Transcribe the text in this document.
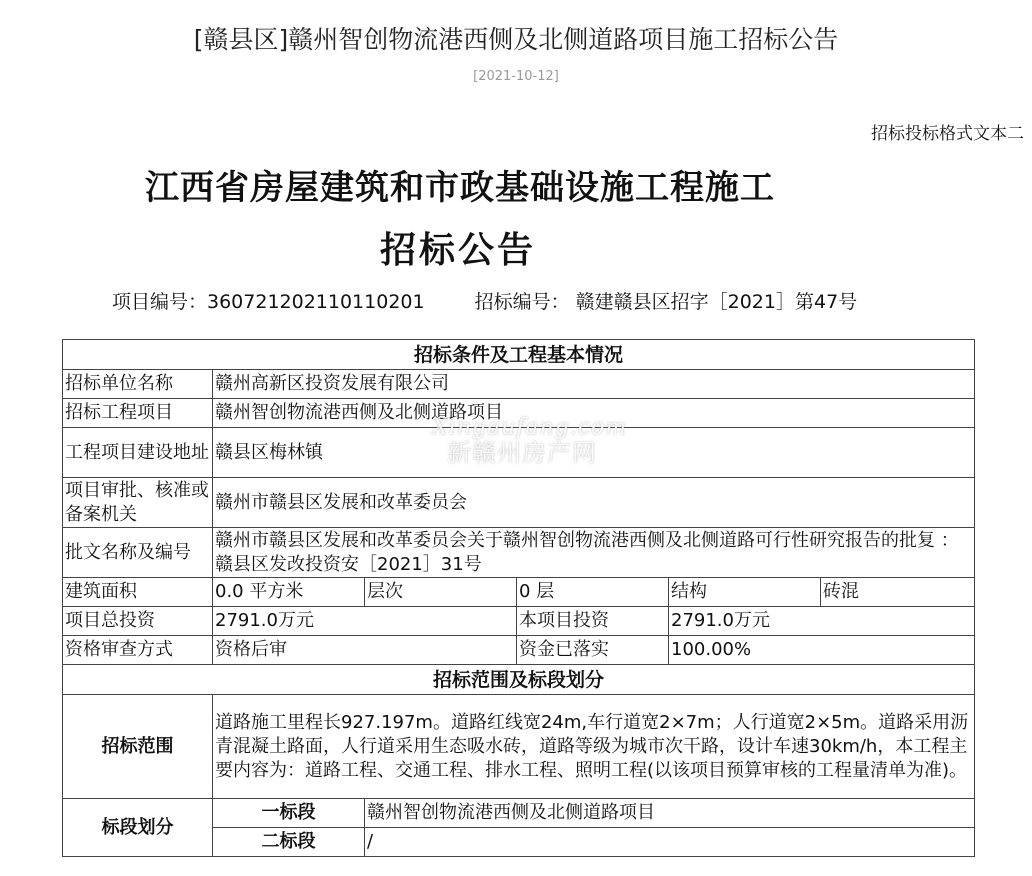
[赣县区]赣州智创物流港西侧及北侧道路项目施工招标公告
[2021-10-12]
招标投标格式文本二
江西省房屋建筑和市政基础设施工程施工
招标公告
项目编号：360721202110110201	招标编号： 赣建赣县区招字［2021］第47号
招标条件及工程基本情况					
招标单位名称	赣州高新区投资发展有限公司				
招标工程项目	赣州智创物流港西侧及北侧道路项目				
工程项目建设地址	赣县区梅林镇				
项目审批、核准或备案机关	赣州市赣县区发展和改革委员会				
批文名称及编号	赣州市赣县区发展和改革委员会关于赣州智创物流港西侧及北侧道路可行性研究报告的批复 ： 赣县区发改投资安［2021］31号				
建筑面积	0.0 平方米	层次	0 层	结构	砖混
项目总投资	2791.0万元		本项目投资	2791.0万元	
资格审查方式	资格后审		资金已落实	100.00%	
招标范围及标段划分					
招标范围	道路施工里程长927.197m。道路红线宽24m,车行道宽2×7m；人行道宽2×5m。道路采用沥青混凝土路面，人行道采用生态吸水砖，道路等级为城市次干路，设计车速30km/h，本工程主要内容为：道路工程、交通工程、排水工程、照明工程(以该项目预算审核的工程量清单为准)。				
标段划分	一标段	赣州智创物流港西侧及北侧道路项目			
	二标段	/			
Xingaufang.com
新赣州房产网
